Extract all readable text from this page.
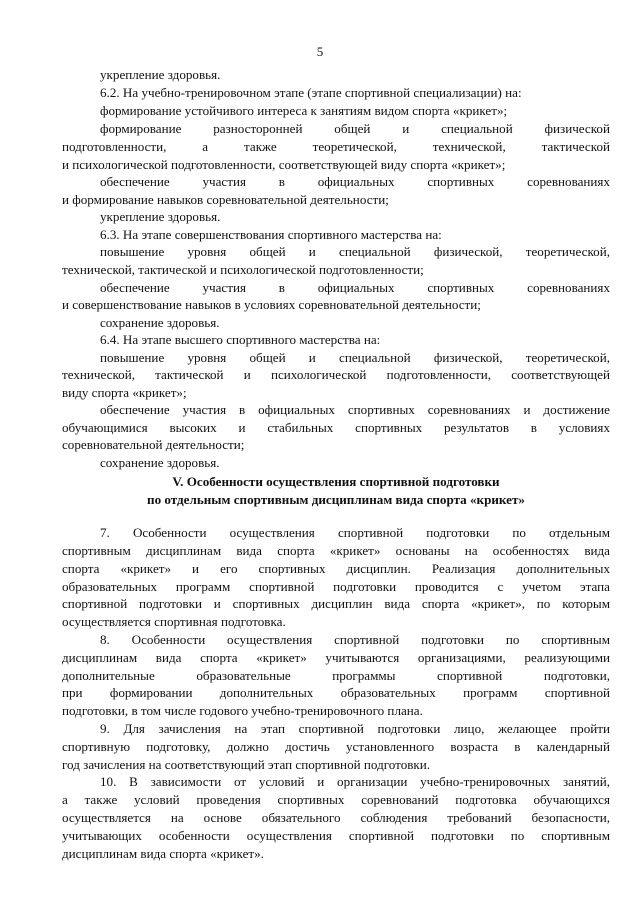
5
укрепление здоровья.
6.2. На учебно-тренировочном этапе (этапе спортивной специализации) на:
формирование устойчивого интереса к занятиям видом спорта «крикет»;
формирование разносторонней общей и специальной физической
подготовленности, а также теоретической, технической, тактической
и психологической подготовленности, соответствующей виду спорта «крикет»;
обеспечение участия в официальных спортивных соревнованиях
и формирование навыков соревновательной деятельности;
укрепление здоровья.
6.3. На этапе совершенствования спортивного мастерства на:
повышение уровня общей и специальной физической, теоретической,
технической, тактической и психологической подготовленности;
обеспечение участия в официальных спортивных соревнованиях
и совершенствование навыков в условиях соревновательной деятельности;
сохранение здоровья.
6.4. На этапе высшего спортивного мастерства на:
повышение уровня общей и специальной физической, теоретической,
технической, тактической и психологической подготовленности, соответствующей
виду спорта «крикет»;
обеспечение участия в официальных спортивных соревнованиях и достижение
обучающимися высоких и стабильных спортивных результатов в условиях
соревновательной деятельности;
сохранение здоровья.
V. Особенности осуществления спортивной подготовки
по отдельным спортивным дисциплинам вида спорта «крикет»
7. Особенности осуществления спортивной подготовки по отдельным
спортивным дисциплинам вида спорта «крикет» основаны на особенностях вида
спорта «крикет» и его спортивных дисциплин. Реализация дополнительных
образовательных программ спортивной подготовки проводится с учетом этапа
спортивной подготовки и спортивных дисциплин вида спорта «крикет», по которым
осуществляется спортивная подготовка.
8. Особенности осуществления спортивной подготовки по спортивным
дисциплинам вида спорта «крикет» учитываются организациями, реализующими
дополнительные образовательные программы спортивной подготовки,
при формировании дополнительных образовательных программ спортивной
подготовки, в том числе годового учебно-тренировочного плана.
9. Для зачисления на этап спортивной подготовки лицо, желающее пройти
спортивную подготовку, должно достичь установленного возраста в календарный
год зачисления на соответствующий этап спортивной подготовки.
10. В зависимости от условий и организации учебно-тренировочных занятий,
а также условий проведения спортивных соревнований подготовка обучающихся
осуществляется на основе обязательного соблюдения требований безопасности,
учитывающих особенности осуществления спортивной подготовки по спортивным
дисциплинам вида спорта «крикет».
